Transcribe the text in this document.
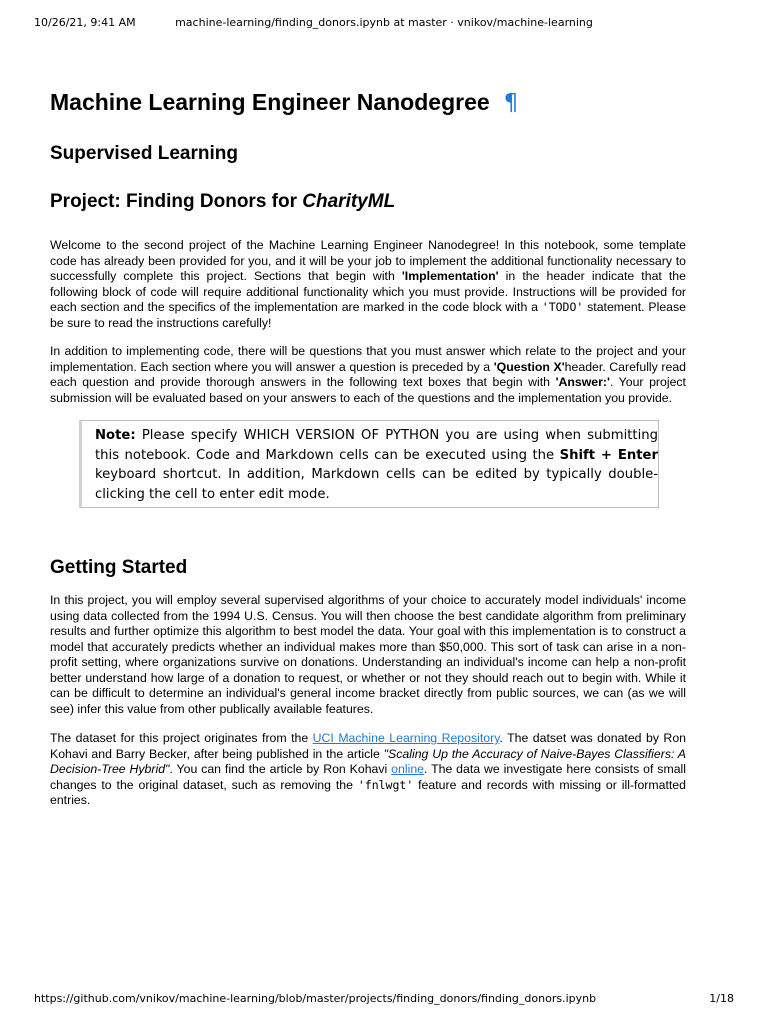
10/26/21, 9:41 AM	machine-learning/finding_donors.ipynb at master · vnikov/machine-learning
Machine Learning Engineer Nanodegree ¶
Supervised Learning
Project: Finding Donors for CharityML

Welcome to the second project of the Machine Learning Engineer Nanodegree! In this notebook, some template code has already been provided for you, and it will be your job to implement the additional functionality necessary to successfully complete this project. Sections that begin with 'Implementation' in the header indicate that the following block of code will require additional functionality which you must provide. Instructions will be provided for each section and the specifics of the implementation are marked in the code block with a 'TODO' statement. Please be sure to read the instructions carefully!

In addition to implementing code, there will be questions that you must answer which relate to the project and your implementation. Each section where you will answer a question is preceded by a 'Question X'header. Carefully read each question and provide thorough answers in the following text boxes that begin with 'Answer:'. Your project submission will be evaluated based on your answers to each of the questions and the implementation you provide.

Note: Please specify WHICH VERSION OF PYTHON you are using when submitting this notebook. Code and Markdown cells can be executed using the Shift + Enter keyboard shortcut. In addition, Markdown cells can be edited by typically double-clicking the cell to enter edit mode.
Getting Started

In this project, you will employ several supervised algorithms of your choice to accurately model individuals' income using data collected from the 1994 U.S. Census. You will then choose the best candidate algorithm from preliminary results and further optimize this algorithm to best model the data. Your goal with this implementation is to construct a model that accurately predicts whether an individual makes more than $50,000. This sort of task can arise in a non-profit setting, where organizations survive on donations. Understanding an individual's income can help a non-profit better understand how large of a donation to request, or whether or not they should reach out to begin with. While it can be difficult to determine an individual's general income bracket directly from public sources, we can (as we will see) infer this value from other publically available features.

The dataset for this project originates from the UCI Machine Learning Repository. The datset was donated by Ron Kohavi and Barry Becker, after being published in the article "Scaling Up the Accuracy of Naive-Bayes Classifiers: A Decision-Tree Hybrid". You can find the article by Ron Kohavi online. The data we investigate here consists of small changes to the original dataset, such as removing the 'fnlwgt' feature and records with missing or ill-formatted entries.

https://github.com/vnikov/machine-learning/blob/master/projects/finding_donors/finding_donors.ipynb	1/18
